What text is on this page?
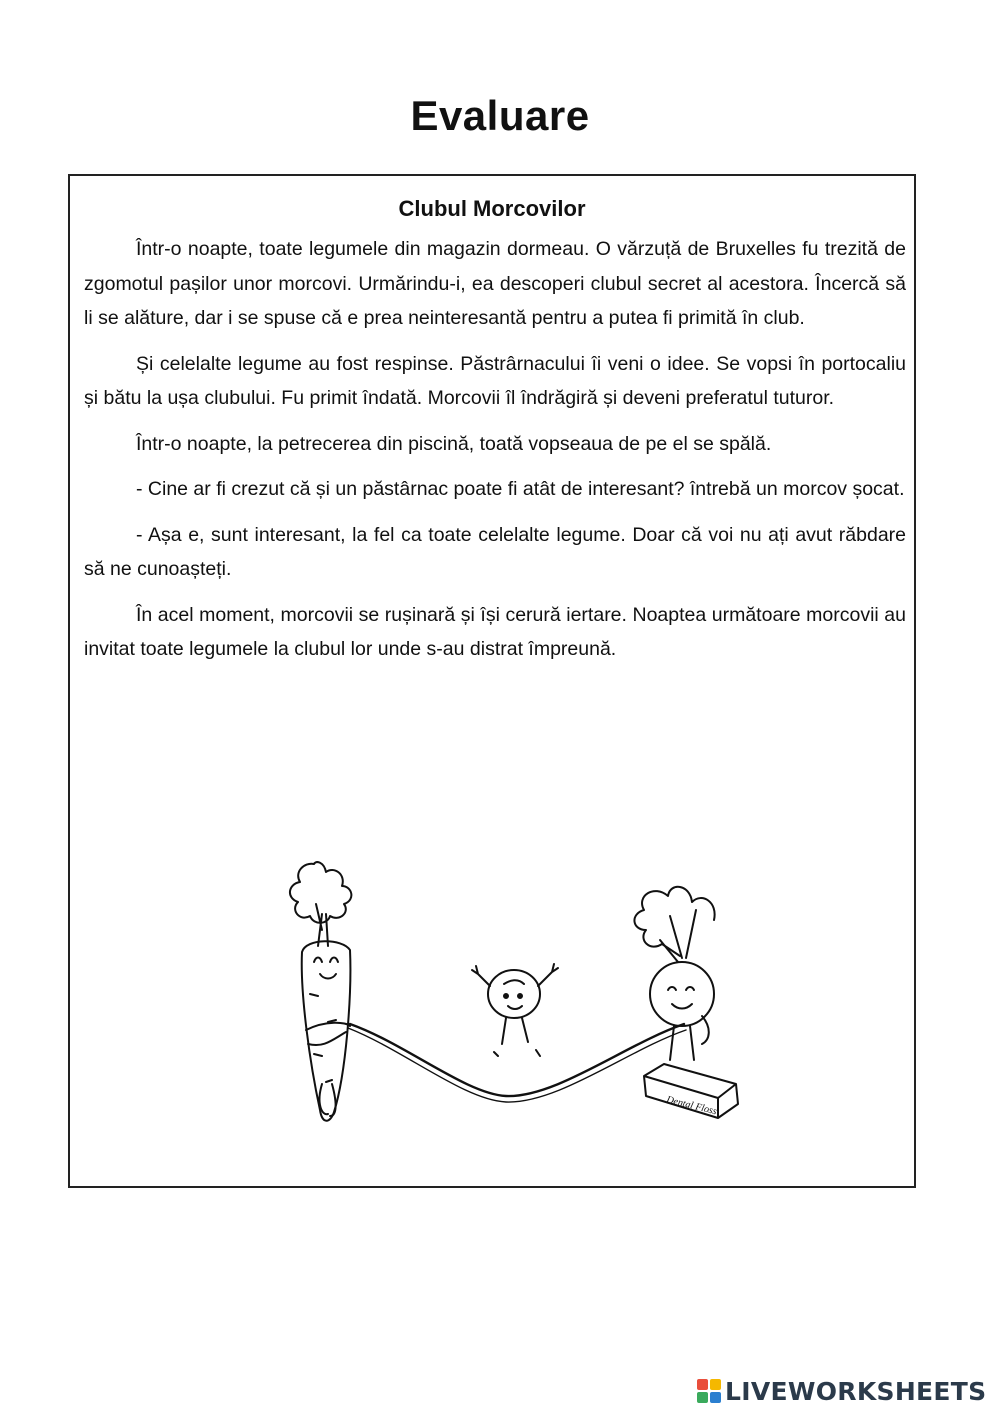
Evaluare
Clubul Morcovilor

Într-o noapte, toate legumele din magazin dormeau. O vărzuță de Bruxelles fu trezită de zgomotul pașilor unor morcovi. Urmărindu-i, ea descoperi clubul secret al acestora. Încercă să li se alăture, dar i se spuse că e prea neinteresantă pentru a putea fi primită în club.

Și celelalte legume au fost respinse. Păstrârnacului îi veni o idee. Se vopsi în portocaliu și bătu la ușa clubului. Fu primit îndată. Morcovii îl îndrăgiră și deveni preferatul tuturor.

Într-o noapte, la petrecerea din piscină, toată vopseaua de pe el se spălă.

- Cine ar fi crezut că și un păstârnac poate fi atât de interesant? întrebă un morcov șocat.

- Așa e, sunt interesant, la fel ca toate celelalte legume. Doar că voi nu ați avut răbdare să ne cunoașteți.

În acel moment, morcovii se rușinară și își cerură iertare. Noaptea următoare morcovii au invitat toate legumele la clubul lor unde s-au distrat împreună.

Dental Floss
LIVEWORKSHEETS
